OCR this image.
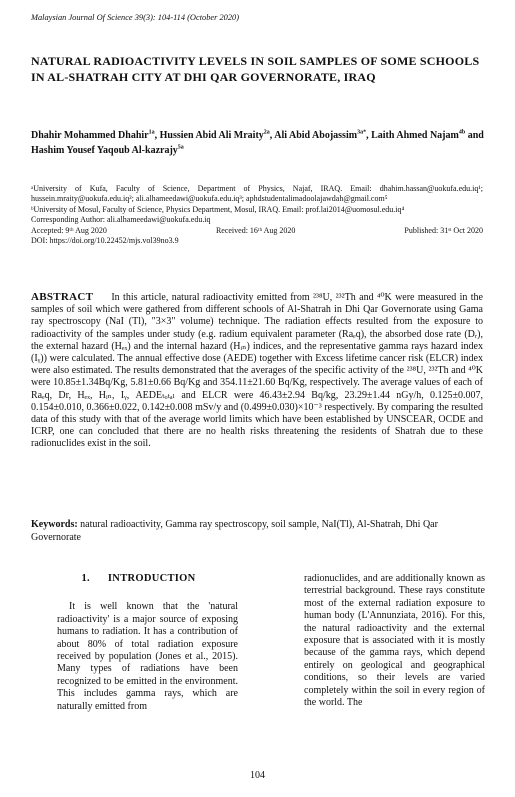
Malaysian Journal Of Science 39(3): 104-114 (October 2020)
NATURAL RADIOACTIVITY LEVELS IN SOIL SAMPLES OF SOME SCHOOLS IN AL-SHATRAH CITY AT DHI QAR GOVERNORATE, IRAQ
Dhahir Mohammed Dhahir$^{1a}$, Hussien Abid Ali Mraity$^{2a}$, Ali Abid Abojassim$^{3a*}$, Laith Ahmed Najam$^{4b}$ and Hashim Yousef Yaqoub Al-kazrajy$^{5a}$

ᵃUniversity of Kufa, Faculty of Science, Department of Physics, Najaf, IRAQ. Email: dhahim.hassan@uokufa.edu.iq¹; hussein.mraity@uokufa.edu.iq²; ali.alhameedawi@uokufa.edu.iq³; aphdstudentalimadoolajawdah@gmail.com⁵

ᵇUniversity of Mosul, Faculty of Science, Physics Department, Mosul, IRAQ. Email: prof.lai2014@uomosul.edu.iq⁴

Corresponding Author: ali.alhameedawi@uokufa.edu.iq

Accepted: 9ᵗʰ Aug 2020	Received: 16ᵗʰ Aug 2020	Published: 31ˢᵗ Oct 2020

DOI: https://doi.org/10.22452/mjs.vol39no3.9

ABSTRACT In this article, natural radioactivity emitted from ²³⁸U, ²³²Th and ⁴⁰K were measured in the samples of soil which were gathered from different schools of Al-Shatrah in Dhi Qar Governorate using Gama ray spectroscopy (NaI (Tl), "3×3" volume) technique. The radiation effects resulted from the exposure to radioactivity of the samples under study (e.g. radium equivalent parameter (Raₑq), the absorbed dose rate (Dᵣ), the external hazard (Hₑₓ) and the internal hazard (Hᵢₙ) indices, and the representative gamma rays hazard index (Iᵧ)) were calculated. The annual effective dose (AEDE) together with Excess lifetime cancer risk (ELCR) index were also estimated. The results demonstrated that the averages of the specific activity of the ²³⁸U, ²³²Th and ⁴⁰K were 10.85±1.34Bq/Kg, 5.81±0.66 Bq/Kg and 354.11±21.60 Bq/Kg, respectively. The average values of each of Raₑq, Dr, Hₑₓ, Hᵢₙ, Iᵧ, AEDEₜₒₜₐₗ and ELCR were 46.43±2.94 Bq/kg, 23.29±1.44 nGy/h, 0.125±0.007, 0.154±0.010, 0.366±0.022, 0.142±0.008 mSv/y and (0.499±0.030)×10⁻³ respectively. By comparing the resulted data of this study with that of the average world limits which have been established by UNSCEAR, OCDE and ICRP, one can concluded that there are no health risks threatening the residents of Shatrah due to these radionuclides exist in the soil.
Keywords: natural radioactivity, Gamma ray spectroscopy, soil sample, NaI(Tl), Al-Shatrah, Dhi Qar Governorate
1. INTRODUCTION

It is well known that the 'natural radioactivity' is a major source of exposing humans to radiation. It has a contribution of about 80% of total radiation exposure received by population (Jones et al., 2015). Many types of radiations have been recognized to be emitted in the environment. This includes gamma rays, which are naturally emitted from

radionuclides, and are additionally known as terrestrial background. These rays constitute most of the external radiation exposure to human body (L'Annunziata, 2016). For this, the natural radioactivity and the external exposure that is associated with it is mostly because of the gamma rays, which depend entirely on geological and geographical conditions, so their levels are varied completely within the soil in every region of the world. The

104
